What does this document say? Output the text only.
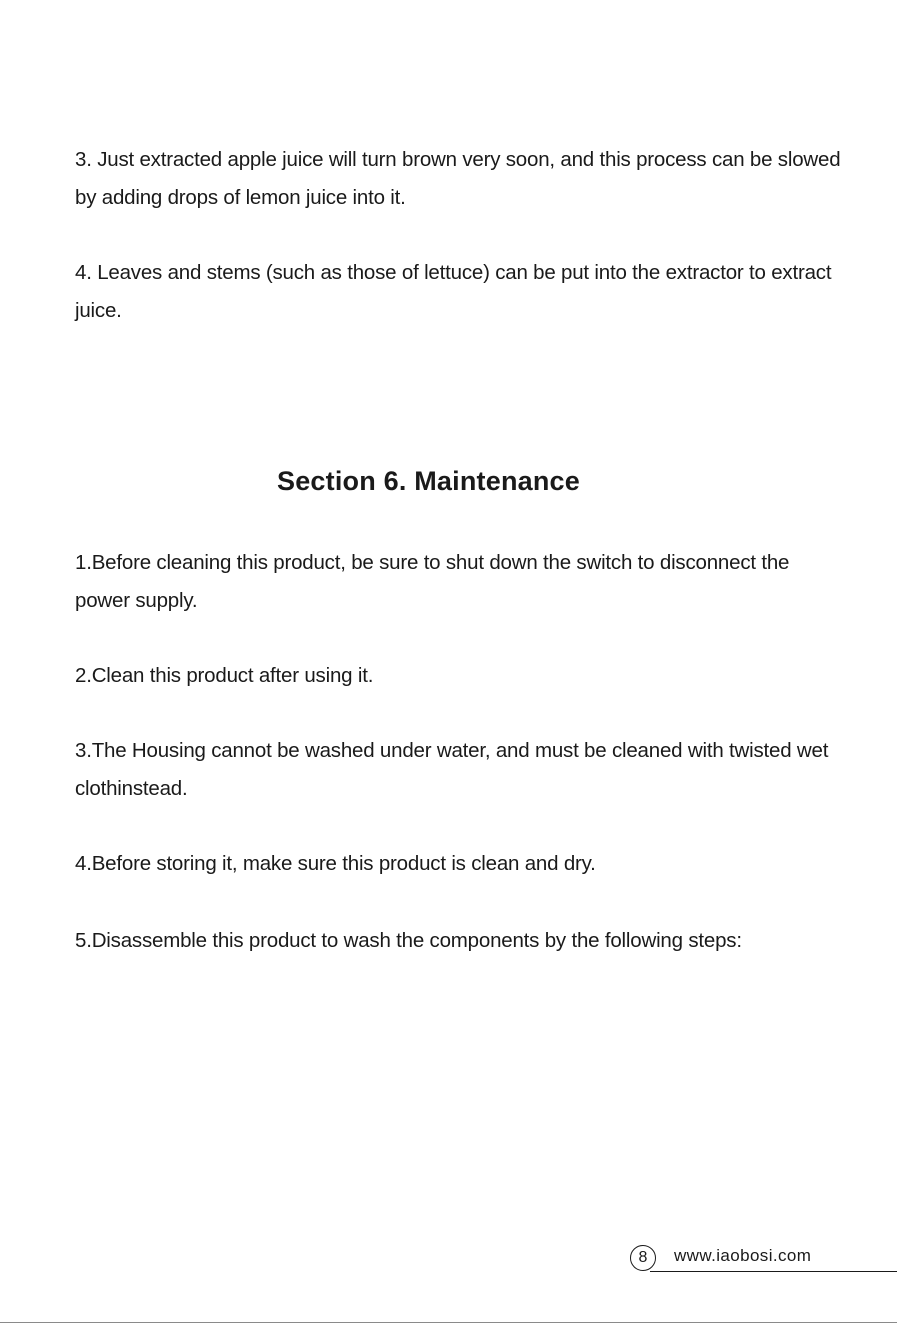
3. Just extracted apple juice will turn brown very soon, and this process can be slowed by adding drops of lemon juice into it.

4. Leaves and stems (such as those of lettuce) can be put into the extractor to extract juice.

Section 6. Maintenance

1.Before cleaning this product, be sure to shut down the switch to disconnect the power supply.

2.Clean this product after using it.

3.The Housing cannot be washed under water, and must be cleaned with twisted wet clothinstead.

4.Before storing it, make sure this product is clean and dry.

5.Disassemble this product to wash the components by the following steps:

8	www.iaobosi.com
